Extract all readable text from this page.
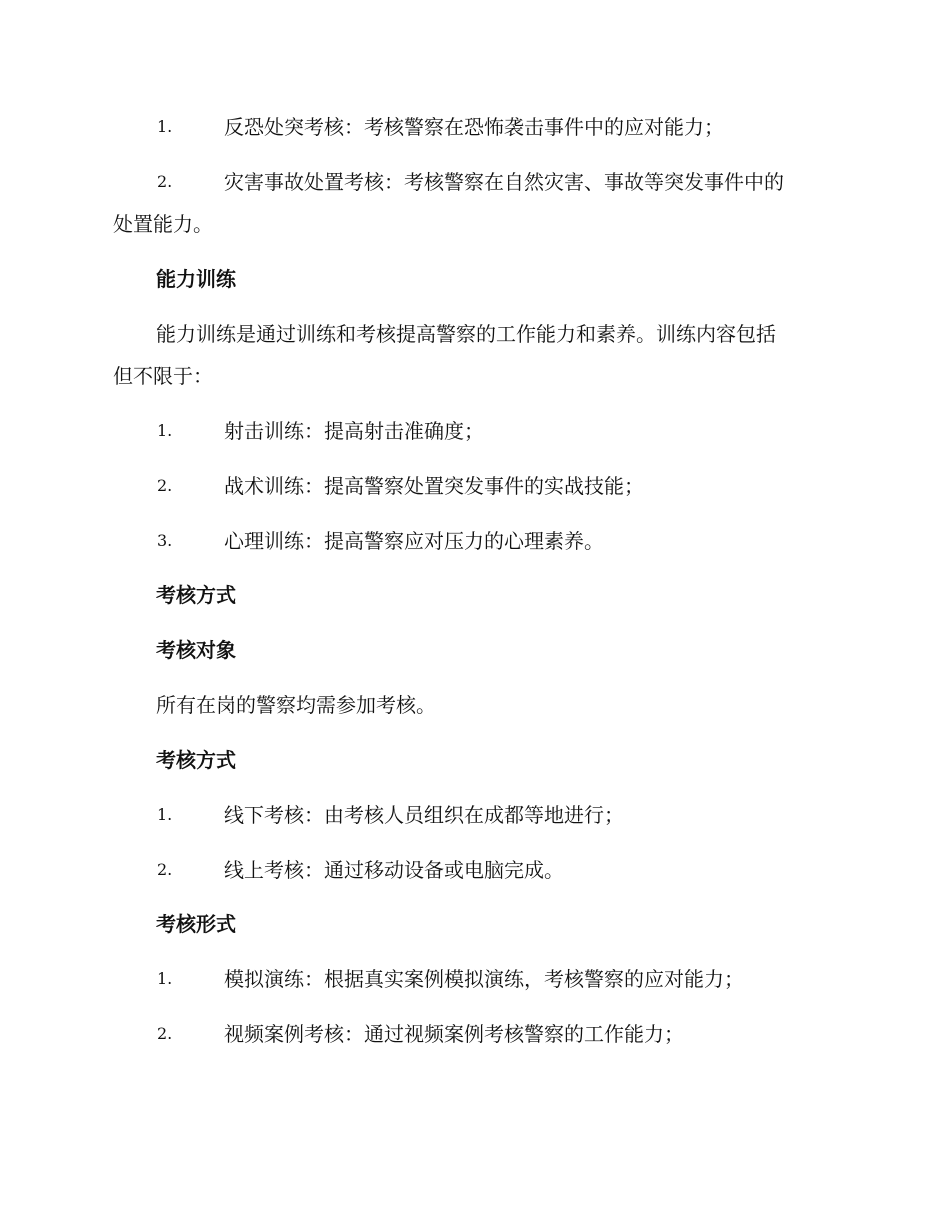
1.	反恐处突考核：考核警察在恐怖袭击事件中的应对能力；
2.	灾害事故处置考核：考核警察在自然灾害、事故等突发事件中的
处置能力。
能力训练
能力训练是通过训练和考核提高警察的工作能力和素养。训练内容包括
但不限于：
1.	射击训练：提高射击准确度；
2.	战术训练：提高警察处置突发事件的实战技能；
3.	心理训练：提高警察应对压力的心理素养。
考核方式
考核对象
所有在岗的警察均需参加考核。
考核方式
1.	线下考核：由考核人员组织在成都等地进行；
2.	线上考核：通过移动设备或电脑完成。
考核形式
1.	模拟演练：根据真实案例模拟演练，考核警察的应对能力；
2.	视频案例考核：通过视频案例考核警察的工作能力；
